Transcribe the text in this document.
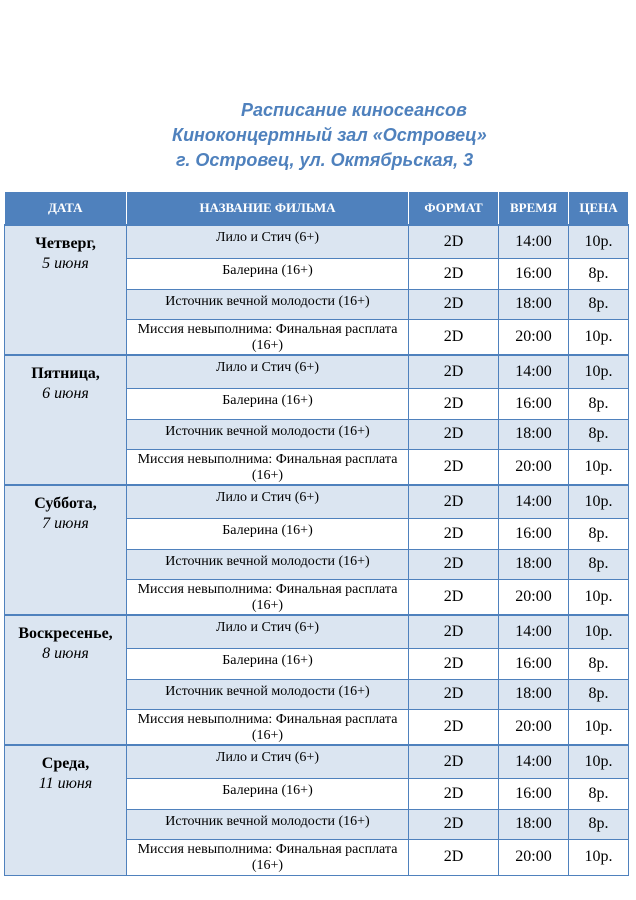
Расписание киносеансов
Киноконцертный зал «Островец»
г. Островец, ул. Октябрьская, 3
ДАТА	НАЗВАНИЕ ФИЛЬМА	ФОРМАТ	ВРЕМЯ	ЦЕНА

Четверг,
5 июня	Лило и Стич (6+)	2D	14:00	10р.
	Балерина (16+)	2D	16:00	8р.
	Источник вечной молодости (16+)	2D	18:00	8р.
	Миссия невыполнима: Финальная расплата (16+)	2D	20:00	10р.

Пятница,
6 июня	Лило и Стич (6+)	2D	14:00	10р.
	Балерина (16+)	2D	16:00	8р.
	Источник вечной молодости (16+)	2D	18:00	8р.
	Миссия невыполнима: Финальная расплата (16+)	2D	20:00	10р.

Суббота,
7 июня	Лило и Стич (6+)	2D	14:00	10р.
	Балерина (16+)	2D	16:00	8р.
	Источник вечной молодости (16+)	2D	18:00	8р.
	Миссия невыполнима: Финальная расплата (16+)	2D	20:00	10р.

Воскресенье,
8 июня	Лило и Стич (6+)	2D	14:00	10р.
	Балерина (16+)	2D	16:00	8р.
	Источник вечной молодости (16+)	2D	18:00	8р.
	Миссия невыполнима: Финальная расплата (16+)	2D	20:00	10р.

Среда,
11 июня	Лило и Стич (6+)	2D	14:00	10р.
	Балерина (16+)	2D	16:00	8р.
	Источник вечной молодости (16+)	2D	18:00	8р.
	Миссия невыполнима: Финальная расплата (16+)	2D	20:00	10р.
